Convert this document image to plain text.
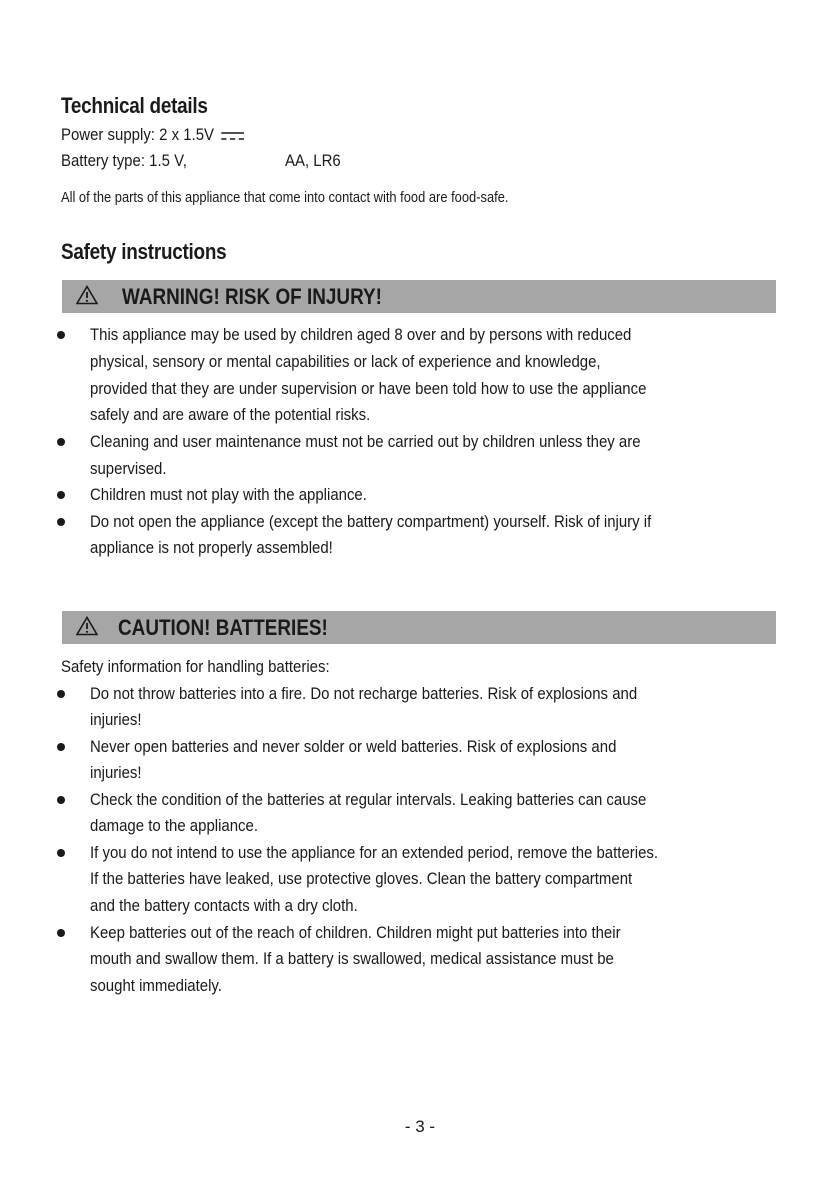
Technical details
Power supply: 2 x 1.5V
Battery type: 1.5 V,	AA, LR6
All of the parts of this appliance that come into contact with food are food-safe.
Safety instructions
WARNING! RISK OF INJURY!
This appliance may be used by children aged 8 over and by persons with reduced
physical, sensory or mental capabilities or lack of experience and knowledge,
provided that they are under supervision or have been told how to use the appliance
safely and are aware of the potential risks.
Cleaning and user maintenance must not be carried out by children unless they are
supervised.
Children must not play with the appliance.
Do not open the appliance (except the battery compartment) yourself. Risk of injury if
appliance is not properly assembled!
CAUTION! BATTERIES!
Safety information for handling batteries:
Do not throw batteries into a fire. Do not recharge batteries. Risk of explosions and
injuries!
Never open batteries and never solder or weld batteries. Risk of explosions and
injuries!
Check the condition of the batteries at regular intervals. Leaking batteries can cause
damage to the appliance.
If you do not intend to use the appliance for an extended period, remove the batteries.
If the batteries have leaked, use protective gloves. Clean the battery compartment
and the battery contacts with a dry cloth.
Keep batteries out of the reach of children. Children might put batteries into their
mouth and swallow them. If a battery is swallowed, medical assistance must be
sought immediately.
- 3 -
